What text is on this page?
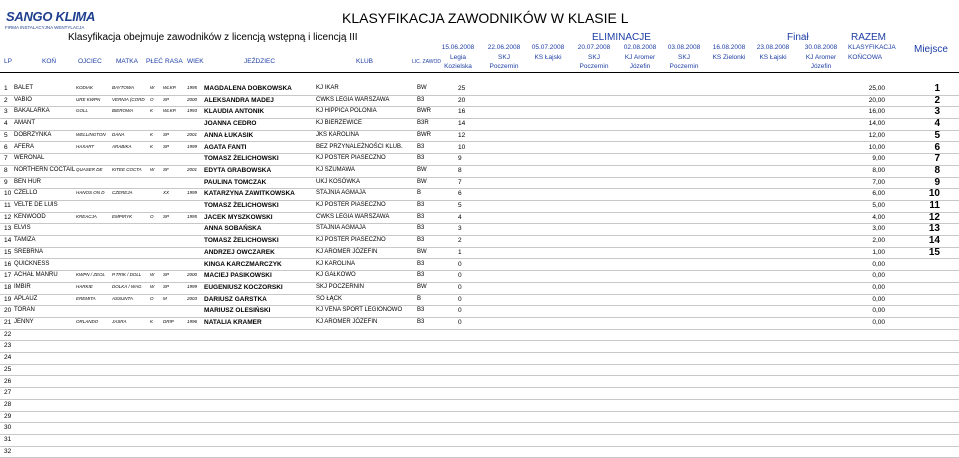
SANGO KLIMA
FIRMA INSTALACYJNA WENTYLACJA
KLASYFIKACJA ZAWODNIKÓW W KLASIE L
Klasyfikacja obejmuje zawodników z licencją wstępną i licencją III	ELIMINACJE	Finał	RAZEM
Miejsce
LP	KOŃ	OJCIEC MATKA PŁEĆ RASA WIEK	JEŹDZIEC	KLUB	LIC. ZAWOD
15.06.2008
Legia
Kozielska
22.06.2008
SKJ
Poczernin
05.07.2008
KS Łajski
20.07.2008
SKJ
Poczernin
02.08.2008
KJ Aromer
Józefin
03.08.2008
SKJ
Poczernin
16.08.2008
KS Zielonki
23.08.2008
KS Łajski
30.08.2008
KJ Aromer
Józefin
KLASYFIKACJA
KOŃCOWA
1	BALET	KODIAK	BAYTOWA	W	WLKP.	1995	MAGDALENA DOBKOWSKA	KJ IKAR	BW	25	25,00	1
2	VABIO	URE KWPN	VERNIA (CORD O	SP	2000	ALEKSANDRA MADEJ	CWKS LEGIA WARSZAWA	B3	20	20,00	2
3	BAKALARKA	GOLL	BIEROWA	K	WLKP.	1993	KLAUDIA ANTONIK	KJ HIPPICA POLONIA	BWR	16	16,00	3
4	AMANT	JOANNA CEDRO	KJ BIERZEWICE	B3R	14	14,00	4
5	DOBRZYNKA	WELLINGTON DANA	K	SP	2001	ANNA ŁUKASIK	JKS KAROLINA	BWR	12	12,00	5
6	AFERA	HAXART	ARABIKA	K	SP	1999	AGATA FANTI	BEZ PRZYNALEŻNOŚCI KLUB.	B3	10	10,00	6
7	WERONAL	TOMASZ ŻELICHOWSKI	KJ POSTER PIASECZNO	B3	9	9,00	7
8	NORTHERN COCTAIL QUASER DE	KITEE COCTA W	SF	2001	EDYTA GRABOWSKA	KJ SZUMAWA	BW	8	8,00	8
9	BEN HUR	PAULINA TOMCZAK	UKJ KOSÓWKA	BW	7	7,00	9
10 CZELLO	HANOS ON D CZEREJA	XX	1999	KATARZYNA ZAWITKOWSKA	STAJNIA AGMAJA	B	6	6,00	10
11 VELTE DE LUIS	TOMASZ ŻELICHOWSKI	KJ POSTER PIASECZNO	B3	5	5,00	11
12 KENWOOD	KREACJA	EMPIRYK	O	SP	1995	JACEK MYSZKOWSKI	CWKS LEGIA WARSZAWA	B3	4	4,00	12
13 ELVIS	ANNA SOBAŃSKA	STAJNIA AGMAJA	B3	3	3,00	13
14 TAMIZA	TOMASZ ŻELICHOWSKI	KJ POSTER PIASECZNO	B3	2	2,00	14
15 SREBRNA	ANDRZEJ OWCZAREK	KJ AROMER JÓZEFIN	BW	1	1,00	15
16 QUICKNESS	KINGA KARCZMARCZYK	KJ KAROLINA	B3	0	0,00
17 ACHAŁ MANRU	KWPN / ZEOL P.TRIK / DOLL W	SP	2000	MACIEJ PASIKOWSKI	KJ GAŁKOWO	B3	0	0,00
18 IMBIR	HARKIE	DOLKA / WAG W	SP	1999	EUGENIUSZ KOCZORSKI	SKJ POCZERNIN	BW	0	0,00
19 APLAUZ	EREMITA	ASSUNTA	O	M	2003	DARIUSZ GARSTKA	SO ŁĄCK	B	0	0,00
20 TORAN	MARIUSZ OLESIŃSKI	KJ VENA SPORT LEGIONOWO	B3	0	0,00
21 JENNY	ORLANDO	JASRA	K	DRIP	1996	NATALIA KRAMER	KJ AROMER JÓZEFIN	B3	0	0,00
22
23
24
25
26
27
28
29
30
31
32
